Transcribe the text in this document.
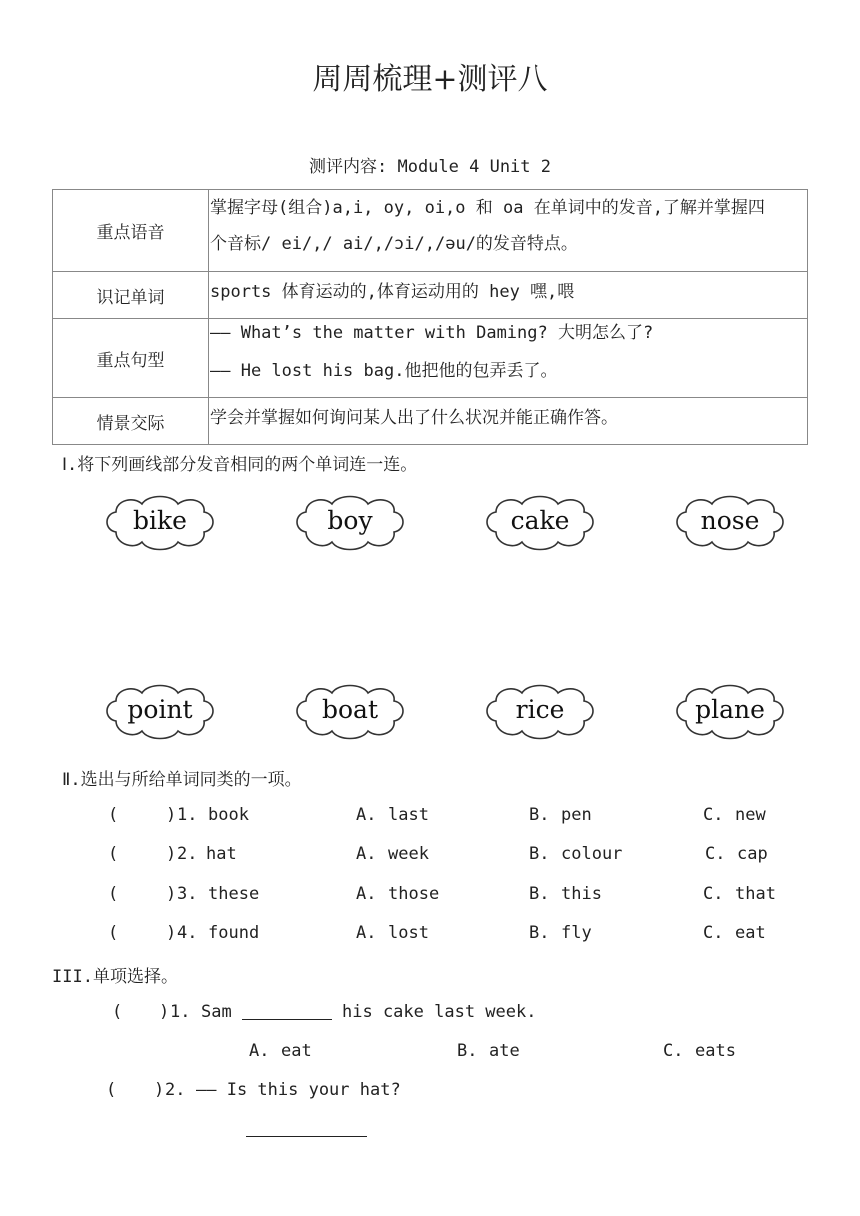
周周梳理+测评八
测评内容: Module 4 Unit 2
重点语音	掌握字母(组合)a,i, oy, oi,o 和 oa 在单词中的发音,了解并掌握四
个音标/ ei/,/ ai/,/ɔi/,/əu/的发音特点。

识记单词	sports 体育运动的,体育运动用的 hey 嘿,喂

重点句型	—— What’s the matter with Daming? 大明怎么了?
—— He lost his bag.他把他的包弄丢了。

情景交际	学会并掌握如何询问某人出了什么状况并能正确作答。
Ⅰ.将下列画线部分发音相同的两个单词连一连。
bike	boy	cake	nose
point	boat	rice	plane
Ⅱ.选出与所给单词同类的一项。
(	) 1. book	A. last	B. pen	C. new
(	) 2. hat	A. week	B. colour	C. cap
(	) 3. these	A. those	B. this	C. that
(	) 4. found	A. lost	B. fly	C. eat
III.单项选择。
( ) 1. Sam	his cake last week.
A. eat	B. ate	C. eats
( ) 2. —— Is this your hat?
